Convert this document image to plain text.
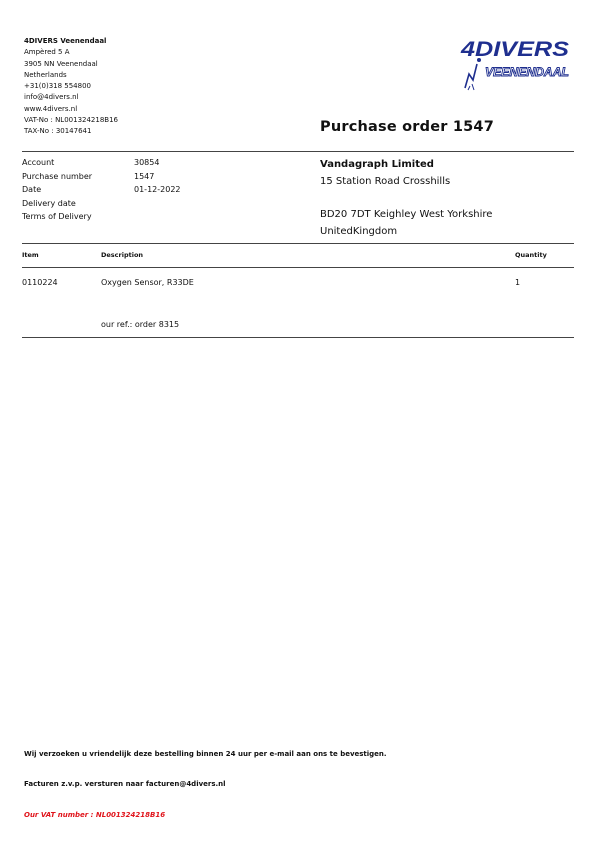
4DIVERS Veenendaal
Ampèred 5 A
3905 NN Veenendaal
Netherlands
+31(0)318 554800
info@4divers.nl
www.4divers.nl
VAT-No : NL001324218B16
TAX-No : 30147641
4DIVERS
VEENENDAAL
Purchase order 1547
Account	30854
Purchase number	1547
Date	01-12-2022
Delivery date
Terms of Delivery
Vandagraph Limited
15 Station Road Crosshills
BD20 7DT Keighley West Yorkshire
UnitedKingdom
Item	Description	Quantity
0110224	Oxygen Sensor, R33DE	1
our ref.: order 8315
Wij verzoeken u vriendelijk deze bestelling binnen 24 uur per e-mail aan ons te bevestigen.
Facturen z.v.p. versturen naar facturen@4divers.nl
Our VAT number : NL001324218B16
